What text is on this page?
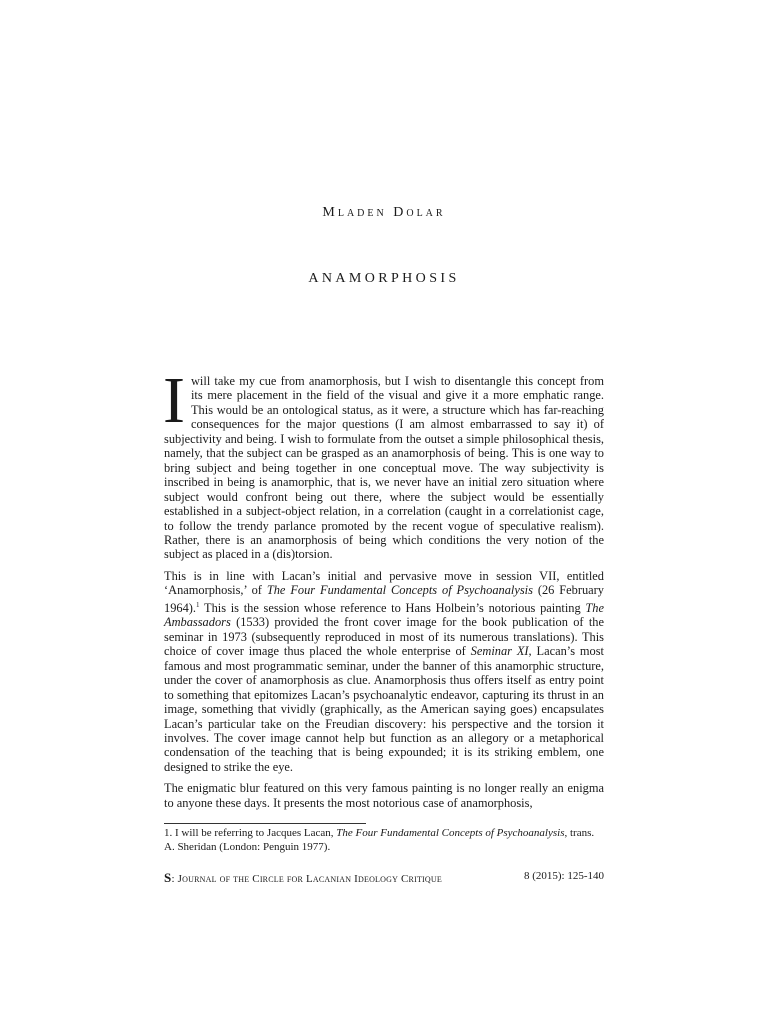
Mladen Dolar
ANAMORPHOSIS

Iwill take my cue from anamorphosis, but I wish to disentangle this concept from its mere placement in the field of the visual and give it a more emphatic range. This would be an ontological status, as it were, a structure which has far-reaching consequences for the major questions (I am almost embarrassed to say it) of subjectivity and being. I wish to formulate from the outset a simple philosophical thesis, namely, that the subject can be grasped as an anamorphosis of being. This is one way to bring subject and being together in one conceptual move. The way subjectivity is inscribed in being is anamorphic, that is, we never have an initial zero situation where subject would confront being out there, where the subject would be essentially established in a subject-object relation, in a correlation (caught in a correlationist cage, to follow the trendy parlance promoted by the recent vogue of speculative realism). Rather, there is an anamorphosis of being which conditions the very notion of the subject as placed in a (dis)torsion.

This is in line with Lacan’s initial and pervasive move in session VII, entitled ‘Anamorphosis,’ of The Four Fundamental Concepts of Psychoanalysis (26 February 1964).$^1$ This is the session whose reference to Hans Holbein’s notorious painting The Ambassadors (1533) provided the front cover image for the book publication of the seminar in 1973 (subsequently reproduced in most of its numerous translations). This choice of cover image thus placed the whole enterprise of Seminar XI, Lacan’s most famous and most programmatic seminar, under the banner of this anamorphic structure, under the cover of anamorphosis as clue. Anamorphosis thus offers itself as entry point to something that epitomizes Lacan’s psychoanalytic endeavor, capturing its thrust in an image, something that vividly (graphically, as the American saying goes) encapsulates Lacan’s particular take on the Freudian discovery: his perspective and the torsion it involves. The cover image cannot help but function as an allegory or a metaphorical condensation of the teaching that is being expounded; it is its striking emblem, one designed to strike the eye.

The enigmatic blur featured on this very famous painting is no longer really an enigma to anyone these days. It presents the most notorious case of anamorphosis,

1. I will be referring to Jacques Lacan, The Four Fundamental Concepts of Psychoanalysis, trans. A. Sheridan (London: Penguin 1977).
S: Journal of the Circle for Lacanian Ideology Critique	8 (2015): 125-140
